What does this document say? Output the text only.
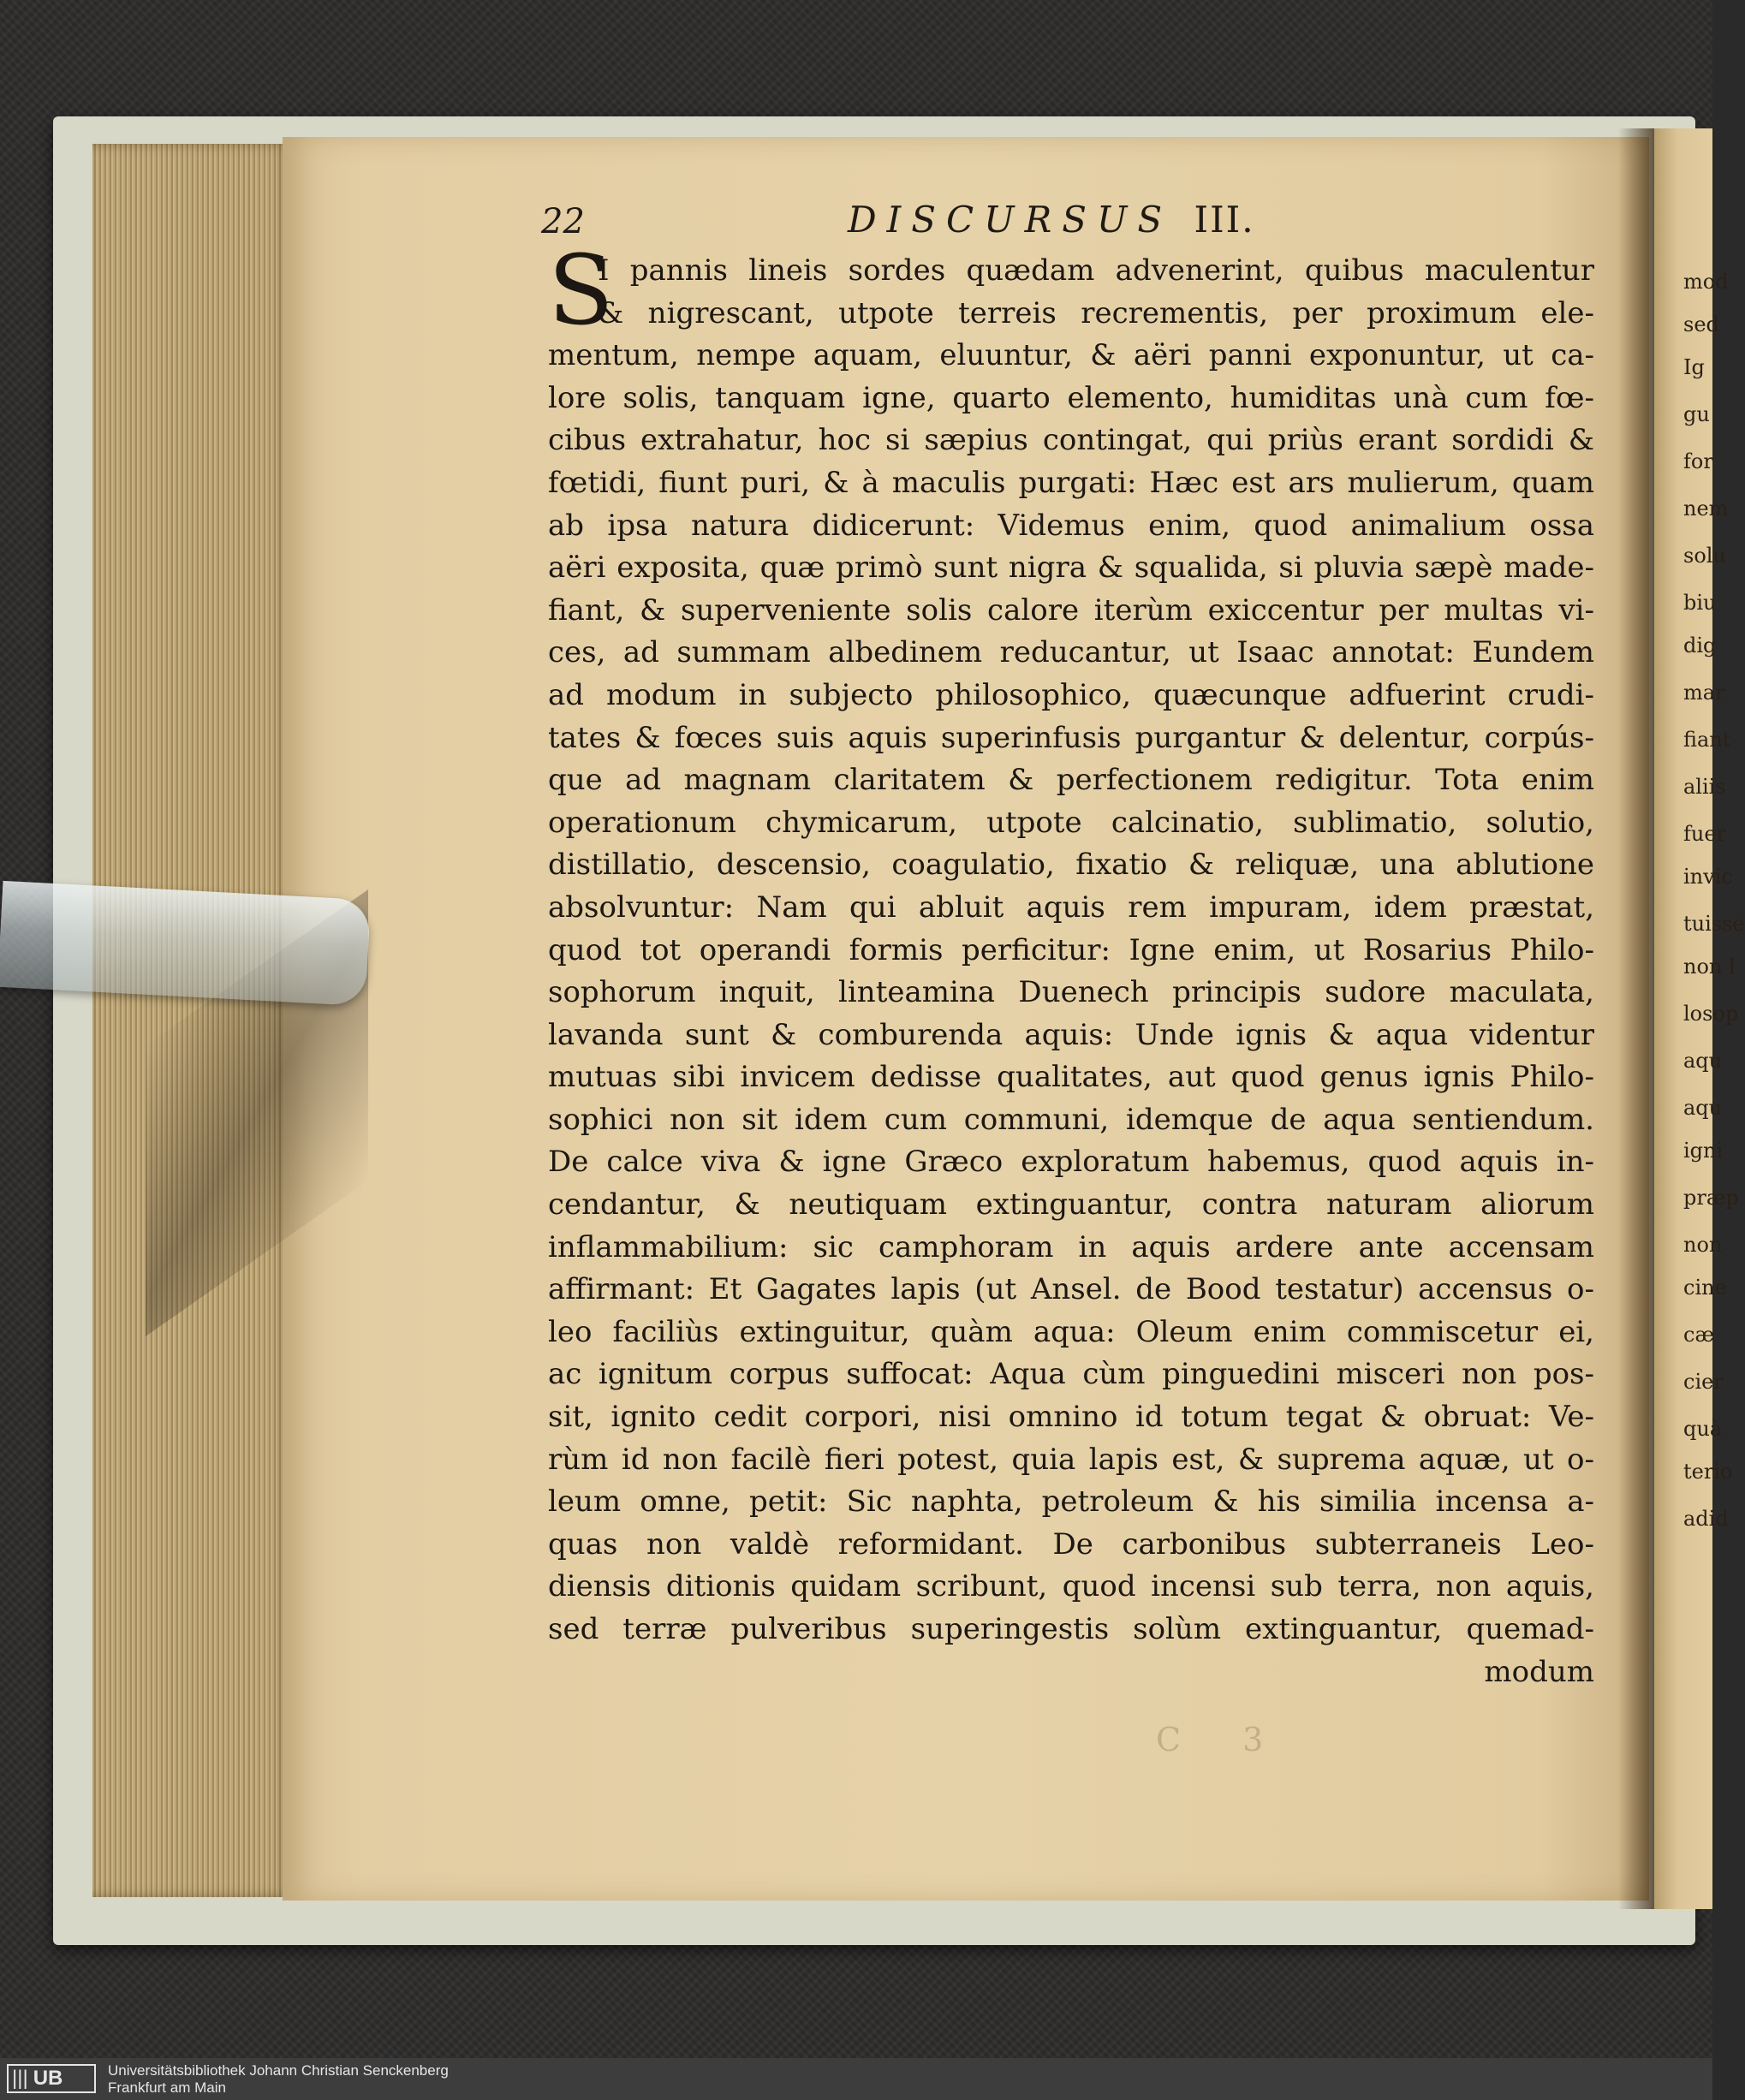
mod
sed
Ig
gu
for
nem
solu
biu
dig
mar
fiant
aliis
fuer
invic
tuisse
non l
losop
aqu
aqu
igni
præp
non
cine
cæ
cier
quà
terio
adid
22	DISCURSUS III.
S
I pannis lineis sordes quædam advenerint, quibus maculentur
& nigrescant, utpote terreis recrementis, per proximum ele-
mentum, nempe aquam, eluuntur, & aëri panni exponuntur, ut ca-
lore solis, tanquam igne, quarto elemento, humiditas unà cum fœ-
cibus extrahatur, hoc si sæpius contingat, qui priùs erant sordidi &
fœtidi, fiunt puri, & à maculis purgati: Hæc est ars mulierum, quam
ab ipsa natura didicerunt: Videmus enim, quod animalium ossa
aëri exposita, quæ primò sunt nigra & squalida, si pluvia sæpè made-
fiant, & superveniente solis calore iterùm exiccentur per multas vi-
ces, ad summam albedinem reducantur, ut Isaac annotat: Eundem
ad modum in subjecto philosophico, quæcunque adfuerint crudi-
tates & fœces suis aquis superinfusis purgantur & delentur, corpús-
que ad magnam claritatem & perfectionem redigitur. Tota enim
operationum chymicarum, utpote calcinatio, sublimatio, solutio,
distillatio, descensio, coagulatio, fixatio & reliquæ, una ablutione
absolvuntur: Nam qui abluit aquis rem impuram, idem præstat,
quod tot operandi formis perficitur: Igne enim, ut Rosarius Philo-
sophorum inquit, linteamina Duenech principis sudore maculata,
lavanda sunt & comburenda aquis: Unde ignis & aqua videntur
mutuas sibi invicem dedisse qualitates, aut quod genus ignis Philo-
sophici non sit idem cum communi, idemque de aqua sentiendum.
De calce viva & igne Græco exploratum habemus, quod aquis in-
cendantur, & neutiquam extinguantur, contra naturam aliorum
inflammabilium: sic camphoram in aquis ardere ante accensam
affirmant: Et Gagates lapis (ut Ansel. de Bood testatur) accensus o-
leo faciliùs extinguitur, quàm aqua: Oleum enim commiscetur ei,
ac ignitum corpus suffocat: Aqua cùm pinguedini misceri non pos-
sit, ignito cedit corpori, nisi omnino id totum tegat & obruat: Ve-
rùm id non facilè fieri potest, quia lapis est, & suprema aquæ, ut o-
leum omne, petit: Sic naphta, petroleum & his similia incensa a-
quas non valdè reformidant. De carbonibus subterraneis Leo-
diensis ditionis quidam scribunt, quod incensi sub terra, non aquis,
sed terræ pulveribus superingestis solùm extinguantur, quemad-
modum
C 3
||| UB	Universitätsbibliothek Johann Christian Senckenberg
Frankfurt am Main
